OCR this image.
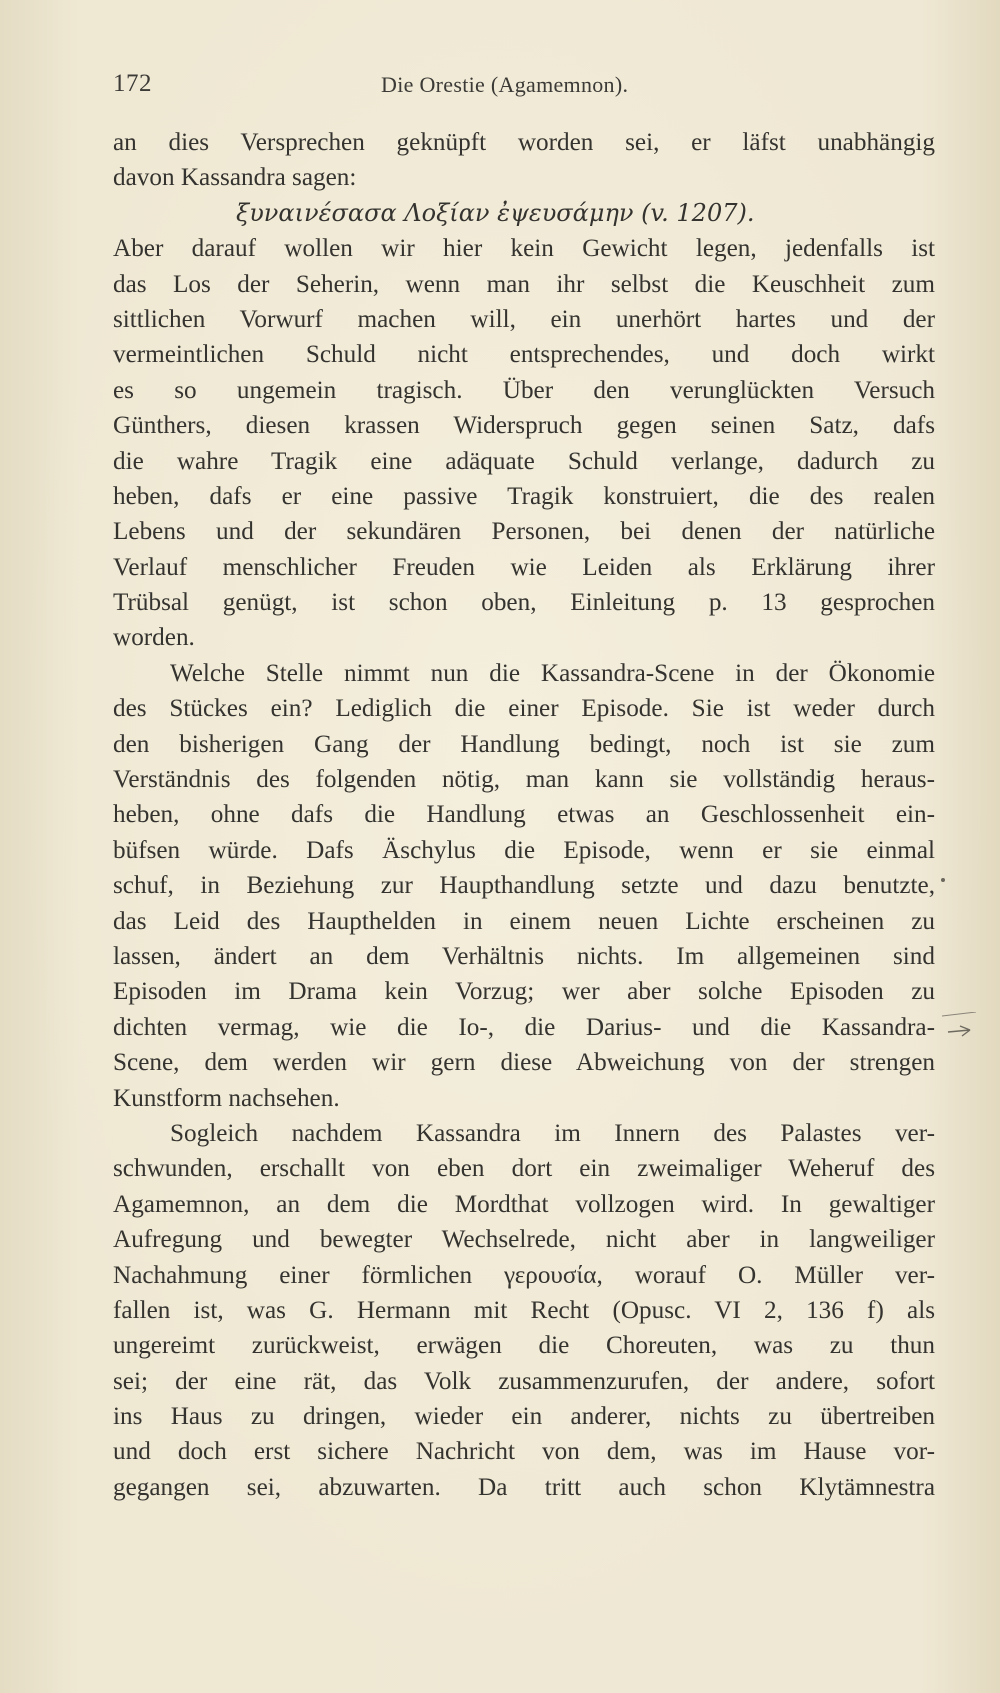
172	Die Orestie (Agamemnon).
an dies Versprechen geknüpft worden sei, er läfst unabhängig
davon Kassandra sagen:
ξυναινέσασα Λοξίαν ἐψευσάμην (v. 1207).
Aber darauf wollen wir hier kein Gewicht legen, jedenfalls ist
das Los der Seherin, wenn man ihr selbst die Keuschheit zum
sittlichen Vorwurf machen will, ein unerhört hartes und der
vermeintlichen Schuld nicht entsprechendes, und doch wirkt
es so ungemein tragisch. Über den verunglückten Versuch
Günthers, diesen krassen Widerspruch gegen seinen Satz, dafs
die wahre Tragik eine adäquate Schuld verlange, dadurch zu
heben, dafs er eine passive Tragik konstruiert, die des realen
Lebens und der sekundären Personen, bei denen der natürliche
Verlauf menschlicher Freuden wie Leiden als Erklärung ihrer
Trübsal genügt, ist schon oben, Einleitung p. 13 gesprochen
worden.
Welche Stelle nimmt nun die Kassandra-Scene in der Ökonomie
des Stückes ein? Lediglich die einer Episode. Sie ist weder durch
den bisherigen Gang der Handlung bedingt, noch ist sie zum
Verständnis des folgenden nötig, man kann sie vollständig heraus-
heben, ohne dafs die Handlung etwas an Geschlossenheit ein-
büfsen würde. Dafs Äschylus die Episode, wenn er sie einmal
schuf, in Beziehung zur Haupthandlung setzte und dazu benutzte,
das Leid des Haupthelden in einem neuen Lichte erscheinen zu
lassen, ändert an dem Verhältnis nichts. Im allgemeinen sind
Episoden im Drama kein Vorzug; wer aber solche Episoden zu
dichten vermag, wie die Io-, die Darius- und die Kassandra-
Scene, dem werden wir gern diese Abweichung von der strengen
Kunstform nachsehen.
Sogleich nachdem Kassandra im Innern des Palastes ver-
schwunden, erschallt von eben dort ein zweimaliger Weheruf des
Agamemnon, an dem die Mordthat vollzogen wird. In gewaltiger
Aufregung und bewegter Wechselrede, nicht aber in langweiliger
Nachahmung einer förmlichen γερουσία, worauf O. Müller ver-
fallen ist, was G. Hermann mit Recht (Opusc. VI 2, 136 f) als
ungereimt zurückweist, erwägen die Choreuten, was zu thun
sei; der eine rät, das Volk zusammenzurufen, der andere, sofort
ins Haus zu dringen, wieder ein anderer, nichts zu übertreiben
und doch erst sichere Nachricht von dem, was im Hause vor-
gegangen sei, abzuwarten. Da tritt auch schon Klytämnestra
